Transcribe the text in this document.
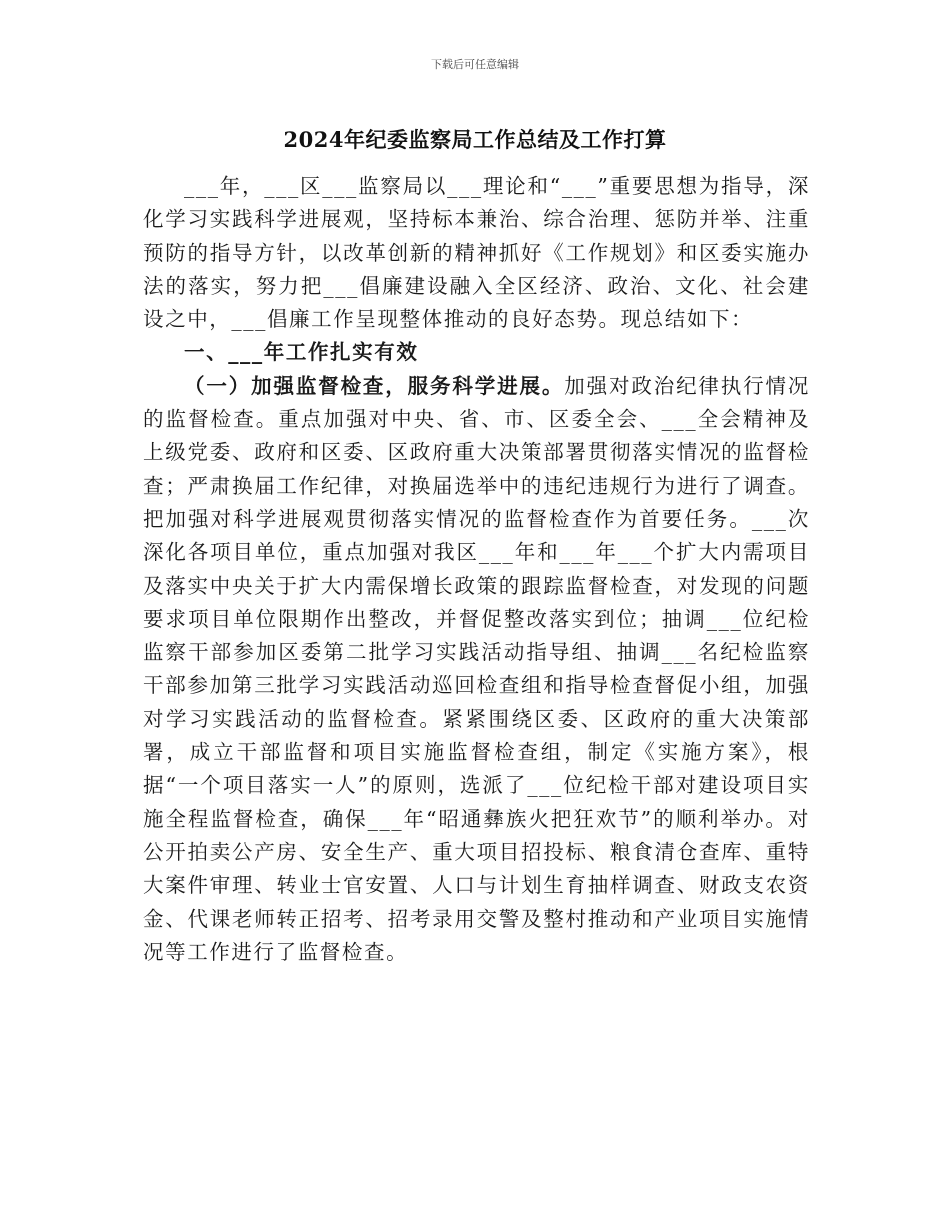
下载后可任意编辑
2024年纪委监察局工作总结及工作打算

___年，___区___监察局以___理论和“___”重要思想为指导，深化学习实践科学进展观，坚持标本兼治、综合治理、惩防并举、注重预防的指导方针，以改革创新的精神抓好《工作规划》和区委实施办法的落实，努力把___倡廉建设融入全区经济、政治、文化、社会建设之中，___倡廉工作呈现整体推动的良好态势。现总结如下：

一、___年工作扎实有效

（一）加强监督检查，服务科学进展。加强对政治纪律执行情况的监督检查。重点加强对中央、省、市、区委全会、___全会精神及上级党委、政府和区委、区政府重大决策部署贯彻落实情况的监督检查；严肃换届工作纪律，对换届选举中的违纪违规行为进行了调查。把加强对科学进展观贯彻落实情况的监督检查作为首要任务。___次深化各项目单位，重点加强对我区___年和___年___个扩大内需项目及落实中央关于扩大内需保增长政策的跟踪监督检查，对发现的问题要求项目单位限期作出整改，并督促整改落实到位；抽调___位纪检监察干部参加区委第二批学习实践活动指导组、抽调___名纪检监察干部参加第三批学习实践活动巡回检查组和指导检查督促小组，加强对学习实践活动的监督检查。紧紧围绕区委、区政府的重大决策部署，成立干部监督和项目实施监督检查组，制定《实施方案》，根据“一个项目落实一人”的原则，选派了___位纪检干部对建设项目实施全程监督检查，确保___年“昭通彝族火把狂欢节”的顺利举办。对公开拍卖公产房、安全生产、重大项目招投标、粮食清仓查库、重特大案件审理、转业士官安置、人口与计划生育抽样调查、财政支农资金、代课老师转正招考、招考录用交警及整村推动和产业项目实施情况等工作进行了监督检查。
